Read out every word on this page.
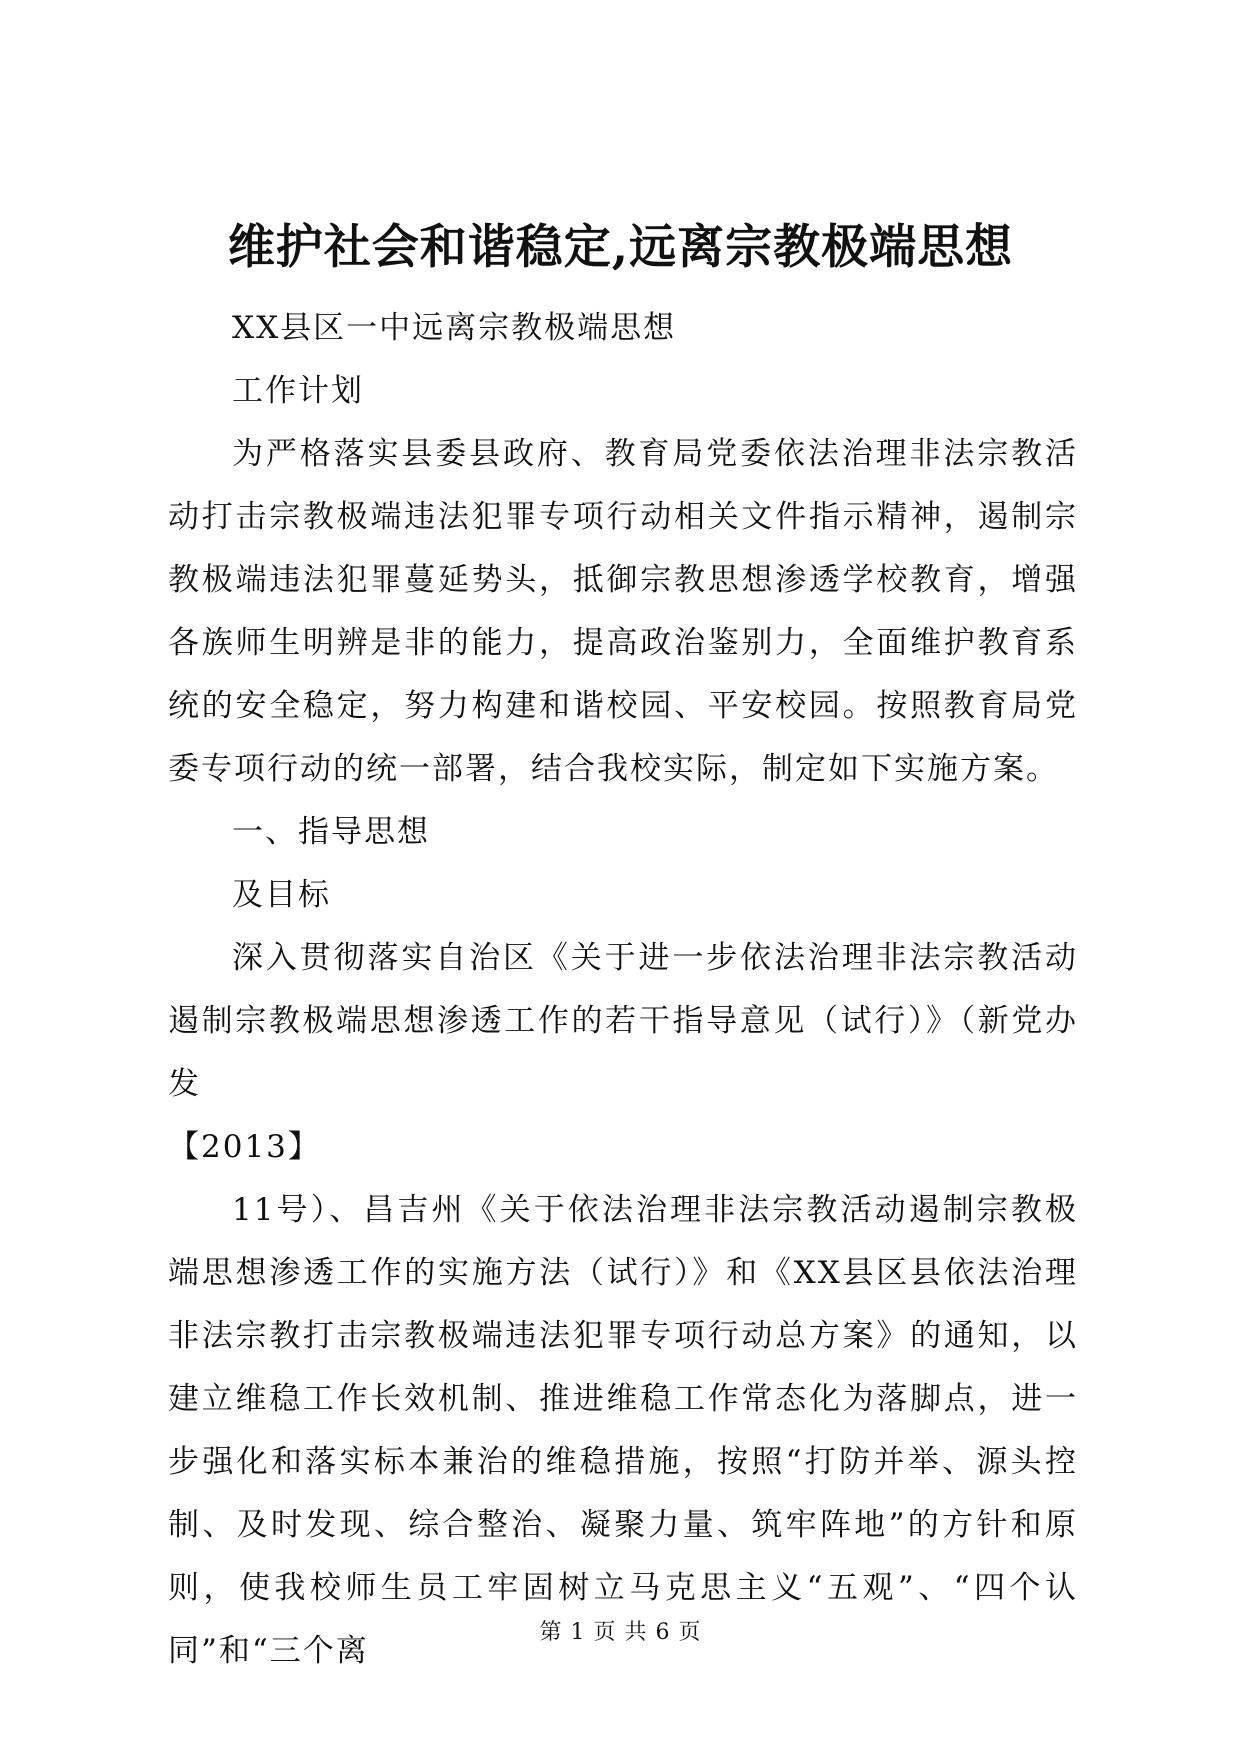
维护社会和谐稳定,远离宗教极端思想

XX县区一中远离宗教极端思想

工作计划

为严格落实县委县政府、教育局党委依法治理非法宗教活动打击宗教极端违法犯罪专项行动相关文件指示精神，遏制宗教极端违法犯罪蔓延势头，抵御宗教思想渗透学校教育，增强各族师生明辨是非的能力，提高政治鉴别力，全面维护教育系统的安全稳定，努力构建和谐校园、平安校园。按照教育局党委专项行动的统一部署，结合我校实际，制定如下实施方案。

一、指导思想

及目标

深入贯彻落实自治区《关于进一步依法治理非法宗教活动遏制宗教极端思想渗透工作的若干指导意见（试行）》（新党办发

【2013】

11号）、昌吉州《关于依法治理非法宗教活动遏制宗教极端思想渗透工作的实施方法（试行）》和《XX县区县依法治理非法宗教打击宗教极端违法犯罪专项行动总方案》的通知，以建立维稳工作长效机制、推进维稳工作常态化为落脚点，进一步强化和落实标本兼治的维稳措施，按照“打防并举、源头控制、及时发现、综合整治、凝聚力量、筑牢阵地”的方针和原则，使我校师生员工牢固树立马克思主义“五观”、“四个认同”和“三个离

第 1 页 共 6 页
